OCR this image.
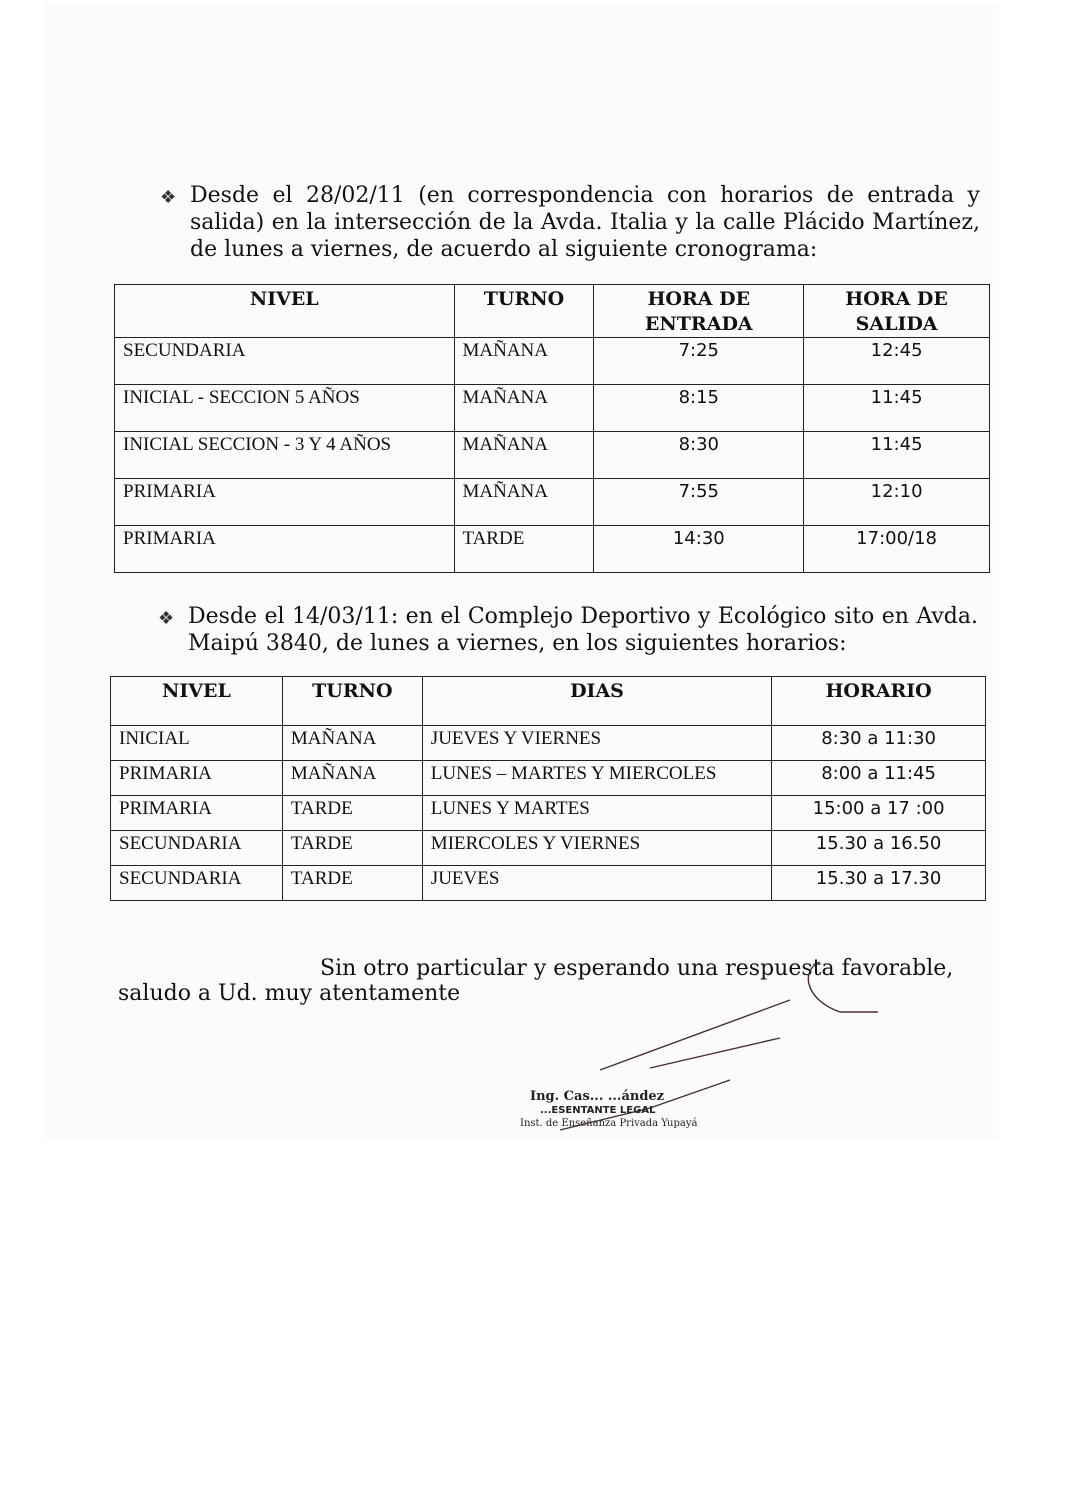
❖ Desde el 28/02/11 (en correspondencia con horarios de entrada y salida) en la intersección de la Avda. Italia y la calle Plácido Martínez, de lunes a viernes, de acuerdo al siguiente cronograma:
NIVEL	TURNO	HORA DE ENTRADA	HORA DE SALIDA
SECUNDARIA	MAÑANA	7:25	12:45
INICIAL - SECCION 5 AÑOS	MAÑANA	8:15	11:45
INICIAL SECCION - 3 Y 4 AÑOS	MAÑANA	8:30	11:45
PRIMARIA	MAÑANA	7:55	12:10
PRIMARIA	TARDE	14:30	17:00/18
❖ Desde el 14/03/11: en el Complejo Deportivo y Ecológico sito en Avda. Maipú 3840, de lunes a viernes, en los siguientes horarios:
NIVEL	TURNO	DIAS	HORARIO
INICIAL	MAÑANA	JUEVES Y VIERNES	8:30 a 11:30
PRIMARIA	MAÑANA	LUNES – MARTES Y MIERCOLES	8:00 a 11:45
PRIMARIA	TARDE	LUNES Y MARTES	15:00 a 17 :00
SECUNDARIA	TARDE	MIERCOLES Y VIERNES	15.30 a 16.50
SECUNDARIA	TARDE	JUEVES	15.30 a 17.30
Sin otro particular y esperando una respuesta favorable,
saludo a Ud. muy atentamente
Ing. Cas... ...ández
...ESENTANTE LEGAL
Inst. de Enseñanza Privada Yupayá
